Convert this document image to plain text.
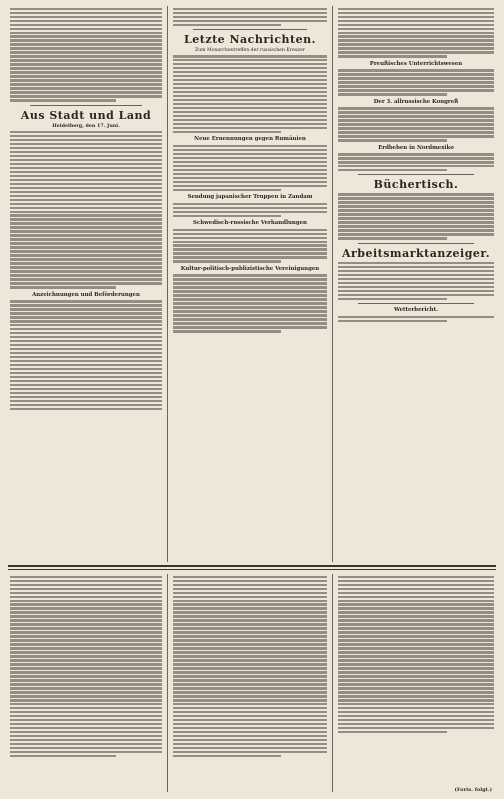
Aus Stadt und Land
Heidelberg, den 17. Juni.
Anzeichnungen und Beförderungen
Letzte Nachrichten.
Zum Monarchentreffen der russischen Kreuzer
Neue Ernennungen gegen Rumänien
Sendung japanischer Truppen in Zandam
Schwedisch-russische Verhandlungen
Kultur-politisch-publizistische Vereinigungen
Preußisches Unterrichtswesen
Der 3. allrussische Kongreß
Erdbeben in Nordmexiko
Büchertisch.
Arbeitsmarktanzeiger.
Wetterbericht.
(Forts. folgt.)
